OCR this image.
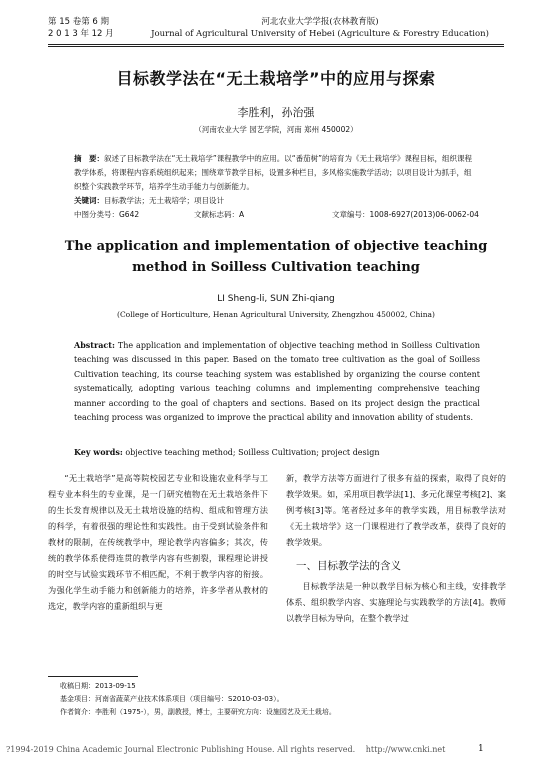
第 15 卷第 6 期
2 0 1 3 年 12 月
河北农业大学学报(农林教育版)
Journal of Agricultural University of Hebei (Agriculture & Forestry Education)
目标教学法在“无土栽培学”中的应用与探索
李胜利，孙治强
（河南农业大学 园艺学院，河南 郑州 450002）
摘　要：叙述了目标教学法在“无土栽培学”课程教学中的应用。以“番茄树”的培育为《无土栽培学》课程目标，组织课程教学体系，将课程内容系统组织起来；围绕章节教学目标，设置多种栏目，多风格实施教学活动；以项目设计为抓手，组织整个实践教学环节，培养学生动手能力与创新能力。
关键词：目标教学法；无土栽培学；项目设计
中图分类号：G642	文献标志码：A	文章编号：1008-6927(2013)06-0062-04
The application and implementation of objective teaching method in Soilless Cultivation teaching
LI Sheng-li, SUN Zhi-qiang
(College of Horticulture, Henan Agricultural University, Zhengzhou 450002, China)
Abstract: The application and implementation of objective teaching method in Soilless Cultivation teaching was discussed in this paper. Based on the tomato tree cultivation as the goal of Soilless Cultivation teaching, its course teaching system was established by organizing the course content systematically, adopting various teaching columns and implementing comprehensive teaching manner according to the goal of chapters and sections. Based on its project design the practical teaching process was organized to improve the practical ability and innovation ability of students.
Key words: objective teaching method; Soilless Cultivation; project design

“无土栽培学”是高等院校园艺专业和设施农业科学与工程专业本科生的专业课，是一门研究植物在无土栽培条件下的生长发育规律以及无土栽培设施的结构、组成和管理方法的科学，有着很强的理论性和实践性。由于受到试验条件和教材的限制，在传统教学中，理论教学内容偏多；其次，传统的教学体系使得连贯的教学内容有些割裂，课程理论讲授的时空与试验实践环节不相匹配，不利于教学内容的衔接。为强化学生动手能力和创新能力的培养，许多学者从教材的选定，教学内容的重新组织与更

新，教学方法等方面进行了很多有益的探索，取得了良好的教学效果。如，采用项目教学法[1]、多元化课堂考核[2]、案例考核[3]等。笔者经过多年的教学实践，用目标教学法对《无土栽培学》这一门课程进行了教学改革，获得了良好的教学效果。

一、目标教学法的含义

目标教学法是一种以教学目标为核心和主线，安排教学体系、组织教学内容、实施理论与实践教学的方法[4]。教师以教学目标为导向，在整个教学过

收稿日期：2013-09-15
基金项目：河南省蔬菜产业技术体系项目（项目编号：S2010-03-03）。
作者简介：李胜利（1975-），男，副教授，博士，主要研究方向：设施园艺及无土栽培。
?1994-2019 China Academic Journal Electronic Publishing House. All rights reserved.　 http://www.cnki.net	1
